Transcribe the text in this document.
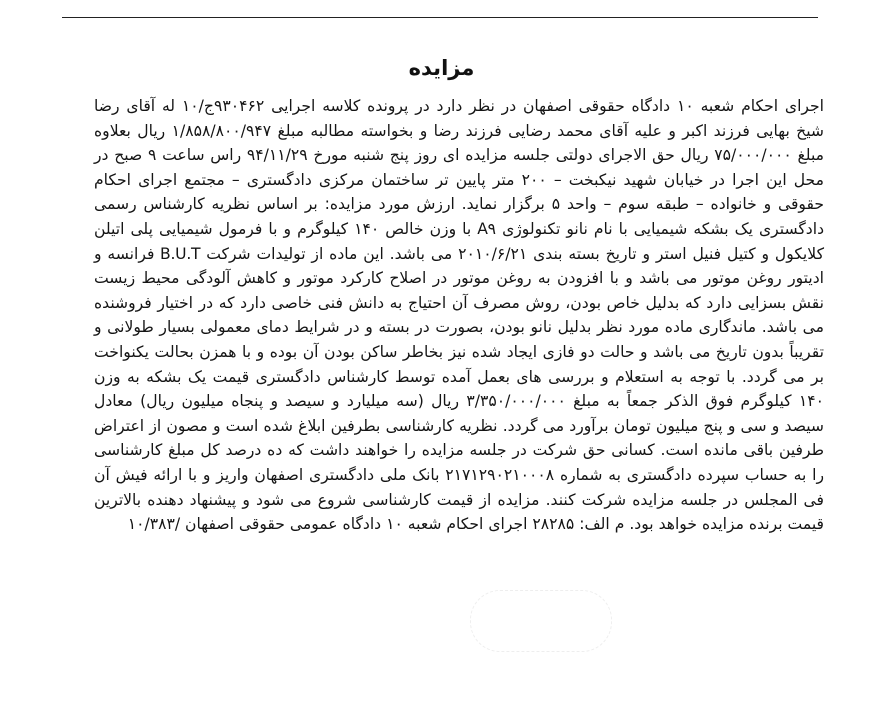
مزایده
اجرای احکام شعبه ۱۰ دادگاه حقوقی اصفهان در نظر دارد در پرونده کلاسه اجرایی ۹۳۰۴۶۲ج/۱۰ له آقای رضا شیخ بهایی فرزند اکبر و علیه آقای محمد رضایی فرزند رضا و بخواسته مطالبه مبلغ ۱/۸۵۸/۸۰۰/۹۴۷ ریال بعلاوه مبلغ ۷۵/۰۰۰/۰۰۰ ریال حق الاجرای دولتی جلسه مزایده ای روز پنج شنبه مورخ ۹۴/۱۱/۲۹ راس ساعت ۹ صبح در محل این اجرا در خیابان شهید نیکبخت – ۲۰۰ متر پایین تر ساختمان مرکزی دادگستری – مجتمع اجرای احکام حقوقی و خانواده – طبقه سوم – واحد ۵ برگزار نماید. ارزش مورد مزایده: بر اساس نظریه کارشناس رسمی دادگستری یک بشکه شیمیایی با نام نانو تکنولوژی A۹ با وزن خالص ۱۴۰ کیلوگرم و با فرمول شیمیایی پلی اتیلن کلایکول و کتیل فنیل استر و تاریخ بسته بندی ۲۰۱۰/۶/۲۱ می باشد. این ماده از تولیدات شرکت B.U.T فرانسه و ادیتور روغن موتور می باشد و با افزودن به روغن موتور در اصلاح کارکرد موتور و کاهش آلودگی محیط زیست نقش بسزایی دارد که بدلیل خاص بودن، روش مصرف آن احتیاج به دانش فنی خاصی دارد که در اختیار فروشنده می باشد. ماندگاری ماده مورد نظر بدلیل نانو بودن، بصورت در بسته و در شرایط دمای معمولی بسیار طولانی و تقریباً بدون تاریخ می باشد و حالت دو فازی ایجاد شده نیز بخاطر ساکن بودن آن بوده و با همزن بحالت یکنواخت بر می گردد. با توجه به استعلام و بررسی های بعمل آمده توسط کارشناس دادگستری قیمت یک بشکه به وزن ۱۴۰ کیلوگرم فوق الذکر جمعاً به مبلغ ۳/۳۵۰/۰۰۰/۰۰۰ ریال (سه میلیارد و سیصد و پنجاه میلیون ریال) معادل سیصد و سی و پنج میلیون تومان برآورد می گردد. نظریه کارشناسی بطرفین ابلاغ شده است و مصون از اعتراض طرفین باقی مانده است. کسانی حق شرکت در جلسه مزایده را خواهند داشت که ده درصد کل مبلغ کارشناسی را به حساب سپرده دادگستری به شماره ۲۱۷۱۲۹۰۲۱۰۰۰۸ بانک ملی دادگستری اصفهان واریز و با ارائه فیش آن فی المجلس در جلسه مزایده شرکت کنند. مزایده از قیمت کارشناسی شروع می شود و پیشنهاد دهنده بالاترین قیمت برنده مزایده خواهد بود. م الف: ۲۸۲۸۵ اجرای احکام شعبه ۱۰ دادگاه عمومی حقوقی اصفهان /۱۰/۳۸۳
